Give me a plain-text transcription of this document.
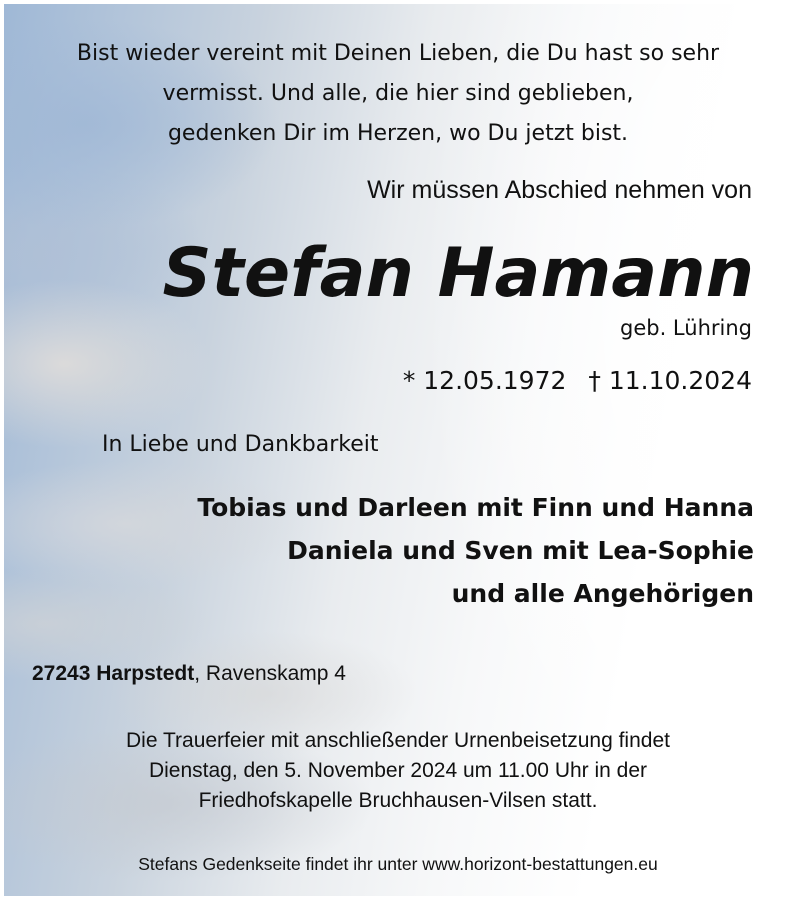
Bist wieder vereint mit Deinen Lieben, die Du hast so sehr
vermisst. Und alle, die hier sind geblieben,
gedenken Dir im Herzen, wo Du jetzt bist.
Wir müssen Abschied nehmen von
Stefan Hamann
geb. Lühring
* 12.05.1972 † 11.10.2024
In Liebe und Dankbarkeit
Tobias und Darleen mit Finn und Hanna
Daniela und Sven mit Lea-Sophie
und alle Angehörigen
27243 Harpstedt, Ravenskamp 4
Die Trauerfeier mit anschließender Urnenbeisetzung findet
Dienstag, den 5. November 2024 um 11.00 Uhr in der
Friedhofskapelle Bruchhausen-Vilsen statt.
Stefans Gedenkseite findet ihr unter www.horizont-bestattungen.eu
